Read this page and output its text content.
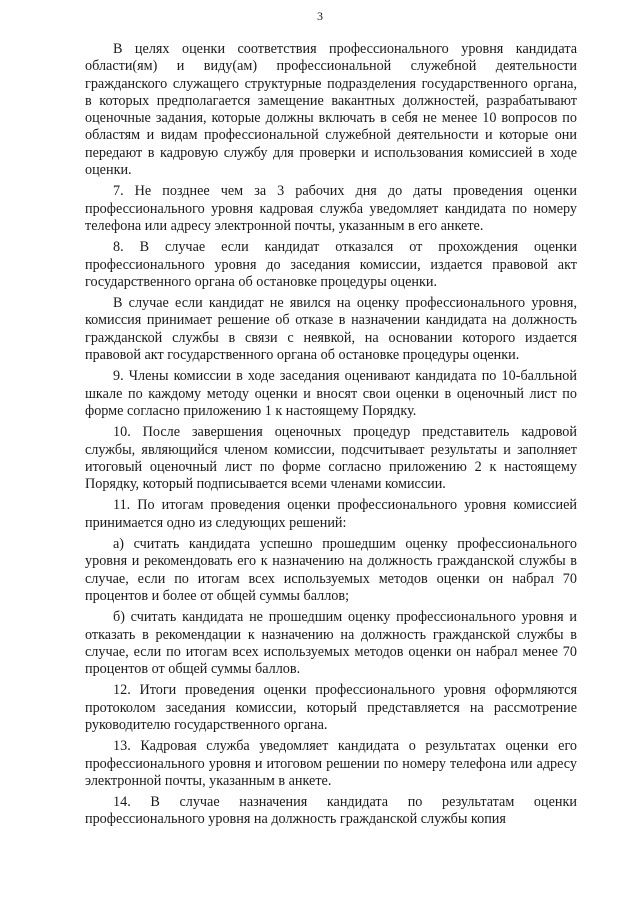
3

В целях оценки соответствия профессионального уровня кандидата области(ям) и виду(ам) профессиональной служебной деятельности гражданского служащего структурные подразделения государственного органа, в которых предполагается замещение вакантных должностей, разрабатывают оценочные задания, которые должны включать в себя не менее 10 вопросов по областям и видам профессиональной служебной деятельности и которые они передают в кадровую службу для проверки и использования комиссией в ходе оценки.

7. Не позднее чем за 3 рабочих дня до даты проведения оценки профессионального уровня кадровая служба уведомляет кандидата по номеру телефона или адресу электронной почты, указанным в его анкете.

8. В случае если кандидат отказался от прохождения оценки профессионального уровня до заседания комиссии, издается правовой акт государственного органа об остановке процедуры оценки.

В случае если кандидат не явился на оценку профессионального уровня, комиссия принимает решение об отказе в назначении кандидата на должность гражданской службы в связи с неявкой, на основании которого издается правовой акт государственного органа об остановке процедуры оценки.

9. Члены комиссии в ходе заседания оценивают кандидата по 10-балльной шкале по каждому методу оценки и вносят свои оценки в оценочный лист по форме согласно приложению 1 к настоящему Порядку.

10. После завершения оценочных процедур представитель кадровой службы, являющийся членом комиссии, подсчитывает результаты и заполняет итоговый оценочный лист по форме согласно приложению 2 к настоящему Порядку, который подписывается всеми членами комиссии.

11. По итогам проведения оценки профессионального уровня комиссией принимается одно из следующих решений:

а) считать кандидата успешно прошедшим оценку профессионального уровня и рекомендовать его к назначению на должность гражданской службы в случае, если по итогам всех используемых методов оценки он набрал 70 процентов и более от общей суммы баллов;

б) считать кандидата не прошедшим оценку профессионального уровня и отказать в рекомендации к назначению на должность гражданской службы в случае, если по итогам всех используемых методов оценки он набрал менее 70 процентов от общей суммы баллов.

12. Итоги проведения оценки профессионального уровня оформляются протоколом заседания комиссии, который представляется на рассмотрение руководителю государственного органа.

13. Кадровая служба уведомляет кандидата о результатах оценки его профессионального уровня и итоговом решении по номеру телефона или адресу электронной почты, указанным в анкете.

14. В случае назначения кандидата по результатам оценки профессионального уровня на должность гражданской службы копия
